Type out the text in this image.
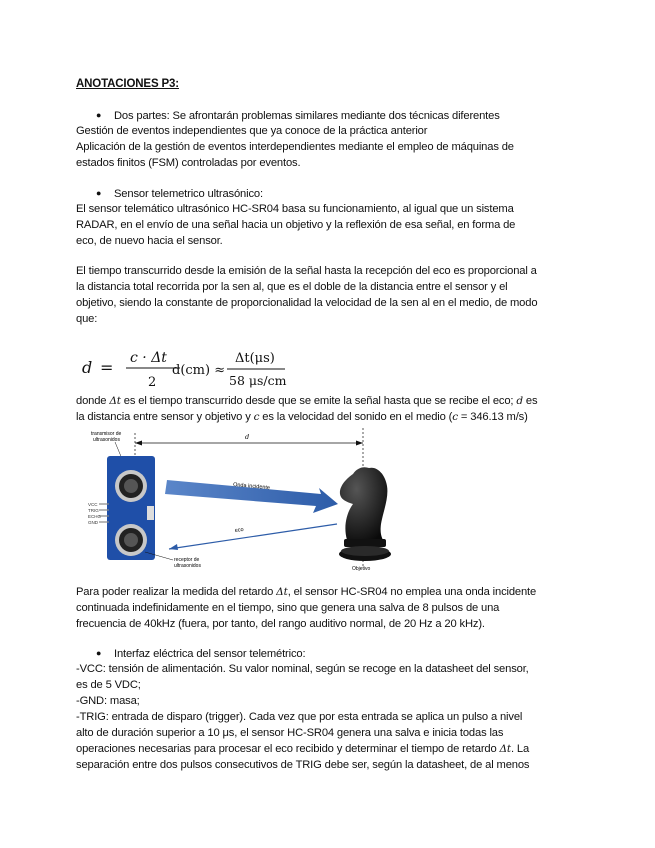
ANOTACIONES P3:

● Dos partes: Se afrontarán problemas similares mediante dos técnicas diferentes

Gestión de eventos independientes que ya conoce de la práctica anterior

Aplicación de la gestión de eventos interdependientes mediante el empleo de máquinas de

estados finitos (FSM) controladas por eventos.

● Sensor telemetrico ultrasónico:

El sensor telemático ultrasónico HC-SR04 basa su funcionamiento, al igual que un sistema

RADAR, en el envío de una señal hacia un objetivo y la reflexión de esa señal, en forma de

eco, de nuevo hacia el sensor.

El tiempo transcurrido desde la emisión de la señal hasta la recepción del eco es proporcional a

la distancia total recorrida por la sen al, que es el doble de la distancia entre el sensor y el

objetivo, siendo la constante de proporcionalidad la velocidad de la sen al en el medio, de modo

que:

d = c · Δt
2
d(cm) ≈
Δt(μs)
58 μs/cm

donde Δt es el tiempo transcurrido desde que se emite la señal hasta que se recibe el eco; d es

la distancia entre sensor y objetivo y c es la velocidad del sonido en el medio (c = 346.13 m/s)

d
transmisor de
ultrasonidos
VCC
TRIG
ECHO
GND
Onda incidente
eco
receptor de
ultrasonidos	Objetivo

Para poder realizar la medida del retardo Δt, el sensor HC-SR04 no emplea una onda incidente

continuada indefinidamente en el tiempo, sino que genera una salva de 8 pulsos de una

frecuencia de 40kHz (fuera, por tanto, del rango auditivo normal, de 20 Hz a 20 kHz).

● Interfaz eléctrica del sensor telemétrico:

-VCC: tensión de alimentación. Su valor nominal, según se recoge en la datasheet del sensor,

es de 5 VDC;

-GND: masa;

-TRIG: entrada de disparo (trigger). Cada vez que por esta entrada se aplica un pulso a nivel

alto de duración superior a 10 μs, el sensor HC-SR04 genera una salva e inicia todas las

operaciones necesarias para procesar el eco recibido y determinar el tiempo de retardo Δt. La

separación entre dos pulsos consecutivos de TRIG debe ser, según la datasheet, de al menos
